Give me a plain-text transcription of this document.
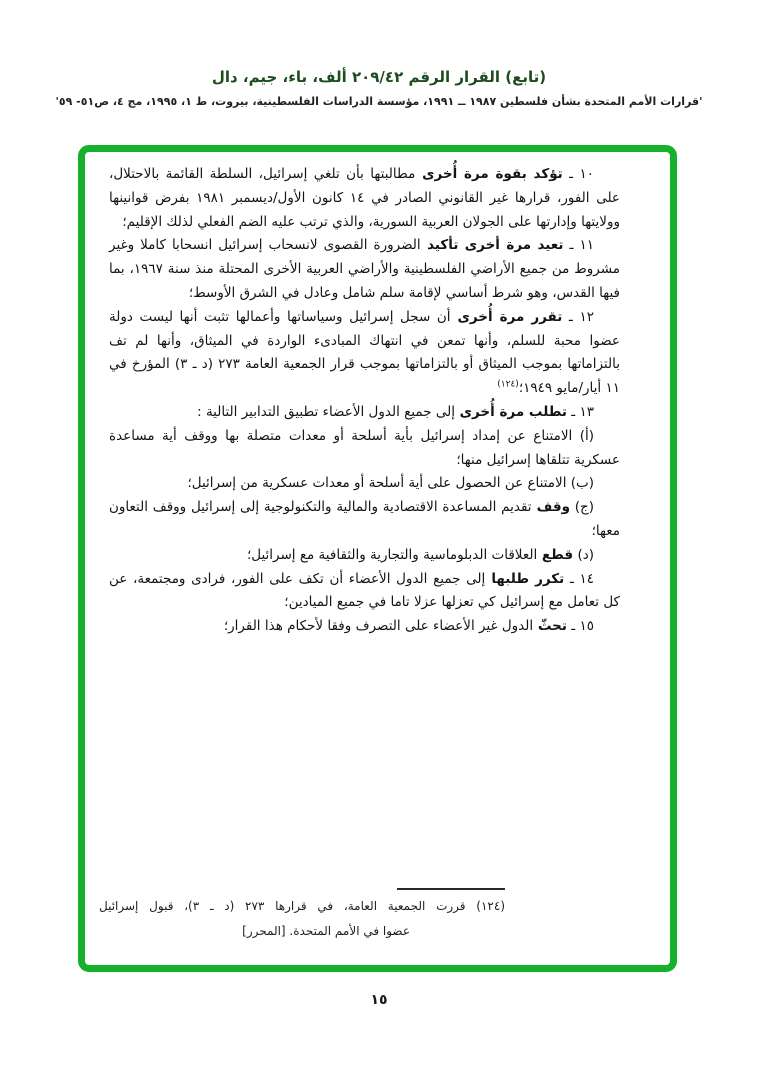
(تابع) القرار الرقم ٢٠٩/٤٢ ألف، باء، جيم، دال
'قرارات الأمم المتحدة بشأن فلسطين ١٩٨٧ ــ ١٩٩١، مؤسسة الدراسات الفلسطينية، بيروت، ط ١، ١٩٩٥، مج ٤، ص٥١- ٥٩'

١٠ ـ تؤكد بقوة مرة أُخرى مطالبتها بأن تلغي إسرائيل، السلطة القائمة بالاحتلال، على الفور، قرارها غير القانوني الصادر في ١٤ كانون الأول/ديسمبر ١٩٨١ بفرض قوانينها وولايتها وإدارتها على الجولان العربية السورية، والذي ترتب عليه الضم الفعلي لذلك الإقليم؛

١١ ـ تعيد مرة أخرى تأكيد الضرورة القصوى لانسحاب إسرائيل انسحابا كاملا وغير مشروط من جميع الأراضي الفلسطينية والأراضي العربية الأخرى المحتلة منذ سنة ١٩٦٧، بما فيها القدس، وهو شرط أساسي لإقامة سلم شامل وعادل في الشرق الأوسط؛

١٢ ـ تقرر مرة أُخرى أن سجل إسرائيل وسياساتها وأعمالها تثبت أنها ليست دولة عضوا محبة للسلم، وأنها تمعن في انتهاك المبادىء الواردة في الميثاق، وأنها لم تف بالتزاماتها بموجب الميثاق أو بالتزاماتها بموجب قرار الجمعية العامة ٢٧٣ (د ـ ٣) المؤرخ في ١١ أيار/مايو ١٩٤٩؛$^{(١٢٤)}$

١٣ ـ تطلب مرة أُخرى إلى جميع الدول الأعضاء تطبيق التدابير التالية :

(أ) الامتناع عن إمداد إسرائيل بأية أسلحة أو معدات متصلة بها ووقف أية مساعدة عسكرية تتلقاها إسرائيل منها؛

(ب) الامتناع عن الحصول على أية أسلحة أو معدات عسكرية من إسرائيل؛

(ج) وقف تقديم المساعدة الاقتصادية والمالية والتكنولوجية إلى إسرائيل ووقف التعاون معها؛

(د) قطع العلاقات الدبلوماسية والتجارية والثقافية مع إسرائيل؛

١٤ ـ تكرر طلبها إلى جميع الدول الأعضاء أن تكف على الفور، فرادى ومجتمعة، عن كل تعامل مع إسرائيل كي تعزلها عزلا تاما في جميع الميادين؛

١٥ ـ تحثّ الدول غير الأعضاء على التصرف وفقا لأحكام هذا القرار؛

(١٢٤) قررت الجمعية العامة، في قرارها ٢٧٣ (د ـ ٣)، قبول إسرائيل
عضوا في الأمم المتحدة. [المحرر]
١٥
